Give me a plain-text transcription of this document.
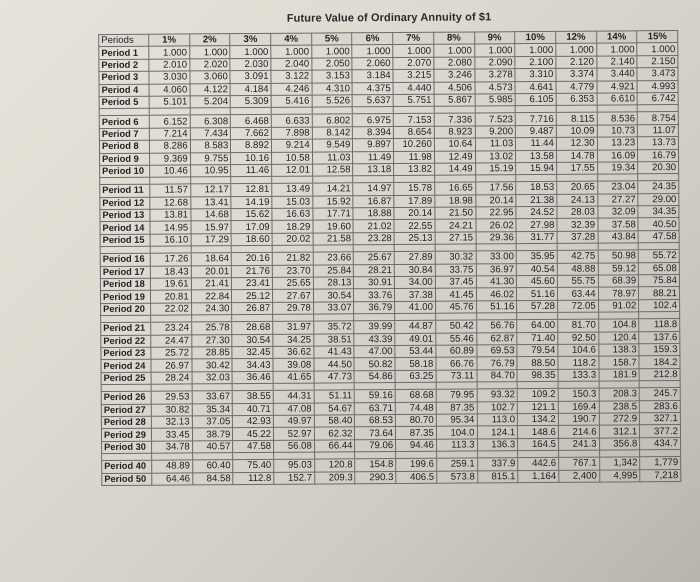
Future Value of Ordinary Annuity of $1
Periods	1%	2%	3%	4%	5%	6%	7%	8%	9%	10%	12%	14%	15%
Period 1	1.000	1.000	1.000	1.000	1.000	1.000	1.000	1.000	1.000	1.000	1.000	1.000	1.000
Period 2	2.010	2.020	2.030	2.040	2.050	2.060	2.070	2.080	2.090	2.100	2.120	2.140	2.150
Period 3	3.030	3.060	3.091	3.122	3.153	3.184	3.215	3.246	3.278	3.310	3.374	3.440	3.473
Period 4	4.060	4.122	4.184	4.246	4.310	4.375	4.440	4.506	4.573	4.641	4.779	4.921	4.993
Period 5	5.101	5.204	5.309	5.416	5.526	5.637	5.751	5.867	5.985	6.105	6.353	6.610	6.742

Period 6	6.152	6.308	6.468	6.633	6.802	6.975	7.153	7.336	7.523	7.716	8.115	8.536	8.754
Period 7	7.214	7.434	7.662	7.898	8.142	8.394	8.654	8.923	9.200	9.487	10.09	10.73	11.07
Period 8	8.286	8.583	8.892	9.214	9.549	9.897	10.260	10.64	11.03	11.44	12.30	13.23	13.73
Period 9	9.369	9.755	10.16	10.58	11.03	11.49	11.98	12.49	13.02	13.58	14.78	16.09	16.79
Period 10	10.46	10.95	11.46	12.01	12.58	13.18	13.82	14.49	15.19	15.94	17.55	19.34	20.30

Period 11	11.57	12.17	12.81	13.49	14.21	14.97	15.78	16.65	17.56	18.53	20.65	23.04	24.35
Period 12	12.68	13.41	14.19	15.03	15.92	16.87	17.89	18.98	20.14	21.38	24.13	27.27	29.00
Period 13	13.81	14.68	15.62	16.63	17.71	18.88	20.14	21.50	22.95	24.52	28.03	32.09	34.35
Period 14	14.95	15.97	17.09	18.29	19.60	21.02	22.55	24.21	26.02	27.98	32.39	37.58	40.50
Period 15	16.10	17.29	18.60	20.02	21.58	23.28	25.13	27.15	29.36	31.77	37.28	43.84	47.58

Period 16	17.26	18.64	20.16	21.82	23.66	25.67	27.89	30.32	33.00	35.95	42.75	50.98	55.72
Period 17	18.43	20.01	21.76	23.70	25.84	28.21	30.84	33.75	36.97	40.54	48.88	59.12	65.08
Period 18	19.61	21.41	23.41	25.65	28.13	30.91	34.00	37.45	41.30	45.60	55.75	68.39	75.84
Period 19	20.81	22.84	25.12	27.67	30.54	33.76	37.38	41.45	46.02	51.16	63.44	78.97	88.21
Period 20	22.02	24.30	26.87	29.78	33.07	36.79	41.00	45.76	51.16	57.28	72.05	91.02	102.4

Period 21	23.24	25.78	28.68	31.97	35.72	39.99	44.87	50.42	56.76	64.00	81.70	104.8	118.8
Period 22	24.47	27.30	30.54	34.25	38.51	43.39	49.01	55.46	62.87	71.40	92.50	120.4	137.6
Period 23	25.72	28.85	32.45	36.62	41.43	47.00	53.44	60.89	69.53	79.54	104.6	138.3	159.3
Period 24	26.97	30.42	34.43	39.08	44.50	50.82	58.18	66.76	76.79	88.50	118.2	158.7	184.2
Period 25	28.24	32.03	36.46	41.65	47.73	54.86	63.25	73.11	84.70	98.35	133.3	181.9	212.8

Period 26	29.53	33.67	38.55	44.31	51.11	59.16	68.68	79.95	93.32	109.2	150.3	208.3	245.7
Period 27	30.82	35.34	40.71	47.08	54.67	63.71	74.48	87.35	102.7	121.1	169.4	238.5	283.6
Period 28	32.13	37.05	42.93	49.97	58.40	68.53	80.70	95.34	113.0	134.2	190.7	272.9	327.1
Period 29	33.45	38.79	45.22	52.97	62.32	73.64	87.35	104.0	124.1	148.6	214.6	312.1	377.2
Period 30	34.78	40.57	47.58	56.08	66.44	79.06	94.46	113.3	136.3	164.5	241.3	356.8	434.7

Period 40	48.89	60.40	75.40	95.03	120.8	154.8	199.6	259.1	337.9	442.6	767.1	1,342	1,779
Period 50	64.46	84.58	112.8	152.7	209.3	290.3	406.5	573.8	815.1	1,164	2,400	4,995	7,218
